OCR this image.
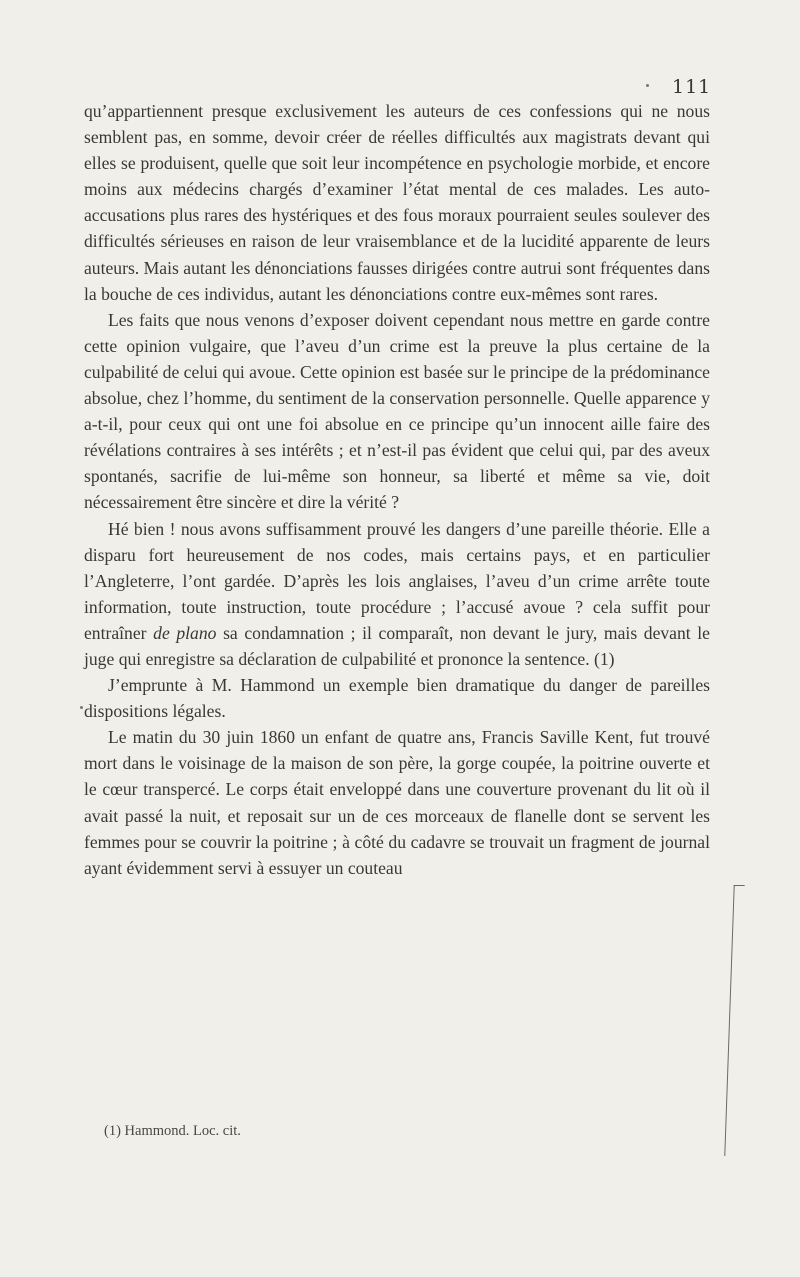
111

qu’appartiennent presque exclusivement les auteurs de ces confessions qui ne nous semblent pas, en somme, devoir créer de réelles difficultés aux magistrats devant qui elles se produisent, quelle que soit leur incompétence en psychologie morbide, et encore moins aux médecins chargés d’examiner l’état mental de ces malades. Les auto-accusations plus rares des hystériques et des fous moraux pourraient seules soulever des difficultés sérieuses en raison de leur vraisemblance et de la lucidité apparente de leurs auteurs. Mais autant les dénonciations fausses dirigées contre autrui sont fréquentes dans la bouche de ces individus, autant les dénonciations contre eux-mêmes sont rares.

Les faits que nous venons d’exposer doivent cependant nous mettre en garde contre cette opinion vulgaire, que l’aveu d’un crime est la preuve la plus certaine de la culpabilité de celui qui avoue. Cette opinion est basée sur le principe de la prédominance absolue, chez l’homme, du sentiment de la conservation personnelle. Quelle apparence y a-t-il, pour ceux qui ont une foi absolue en ce principe qu’un innocent aille faire des révélations contraires à ses intérêts ; et n’est-il pas évident que celui qui, par des aveux spontanés, sacrifie de lui-même son honneur, sa liberté et même sa vie, doit nécessairement être sincère et dire la vérité ?

Hé bien ! nous avons suffisamment prouvé les dangers d’une pareille théorie. Elle a disparu fort heureusement de nos codes, mais certains pays, et en particulier l’Angleterre, l’ont gardée. D’après les lois anglaises, l’aveu d’un crime arrête toute information, toute instruction, toute procédure ; l’accusé avoue ? cela suffit pour entraîner de plano sa condamnation ; il comparaît, non devant le jury, mais devant le juge qui enregistre sa déclaration de culpabilité et prononce la sentence. (1)

J’emprunte à M. Hammond un exemple bien dramatique du danger de pareilles dispositions légales.

Le matin du 30 juin 1860 un enfant de quatre ans, Francis Saville Kent, fut trouvé mort dans le voisinage de la maison de son père, la gorge coupée, la poitrine ouverte et le cœur transpercé. Le corps était enveloppé dans une couverture provenant du lit où il avait passé la nuit, et reposait sur un de ces morceaux de flanelle dont se servent les femmes pour se couvrir la poitrine ; à côté du cadavre se trouvait un fragment de journal ayant évidemment servi à essuyer un couteau

(1) Hammond. Loc. cit.
